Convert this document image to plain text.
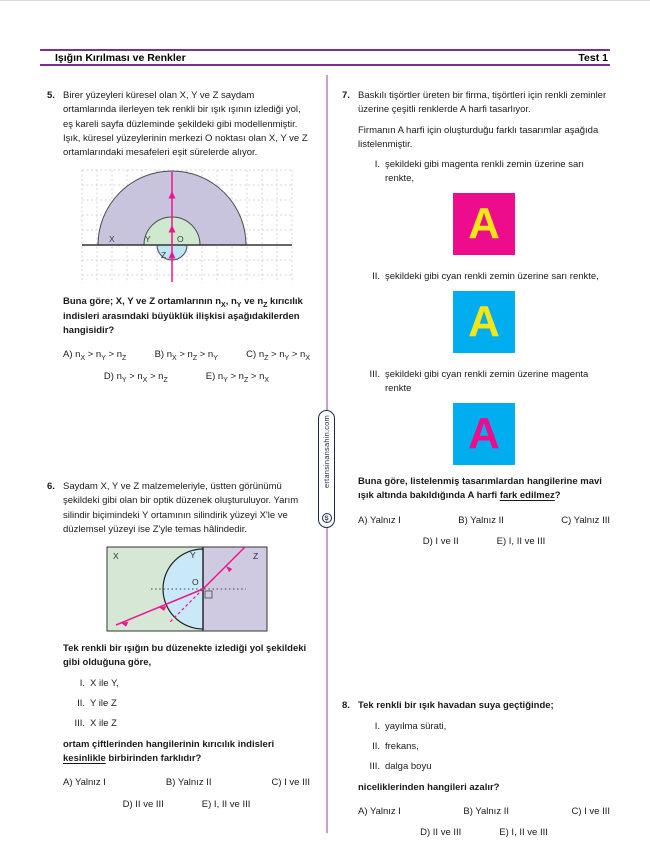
Işığın Kırılması ve Renkler	Test 1
ertansinansahin.com
Ş
5. Birer yüzeyleri küresel olan X, Y ve Z saydam ortamlarında ilerleyen tek renkli bir ışık ışının izlediği yol, eş kareli sayfa düzleminde şekildeki gibi modellenmiştir. Işık, küresel yüzeylerinin merkezi O noktası olan X, Y ve Z ortamlarındaki mesafeleri eşit sürelerde alıyor.

X	Y	O
Z

Buna göre; X, Y ve Z ortamlarının $n_X$, $n_Y$ ve $n_Z$ kırıcılık indisleri arasındaki büyüklük ilişkisi aşağıdakilerden hangisidir?

A) $n_X > n_Y > n_Z$	B) $n_X > n_Z > n_Y$	C) $n_Z > n_Y > n_X$
D) $n_Y > n_X > n_Z$	E) $n_Y > n_Z > n_X$
6. Saydam X, Y ve Z malzemeleriyle, üstten görünümü şekildeki gibi olan bir optik düzenek oluşturuluyor. Yarım silindir biçimindeki Y ortamının silindirik yüzeyi X'le ve düzlemsel yüzeyi ise Z'yle temas hâlindedir.

X	Y	Z
O

Tek renkli bir ışığın bu düzenekte izlediği yol şekildeki gibi olduğuna göre,

I. X ile Y,
II. Y ile Z
III. X ile Z

ortam çiftlerinden hangilerinin kırıcılık indisleri kesinlikle birbirinden farklıdır?

A) Yalnız I	B) Yalnız II	C) I ve III
D) II ve III	E) I, II ve III
7. Baskılı tişörtler üreten bir firma, tişörtleri için renkli zeminler üzerine çeşitli renklerde A harfi tasarlıyor.

Firmanın A harfi için oluşturduğu farklı tasarımlar aşağıda listelenmiştir.

I. şekildeki gibi magenta renkli zemin üzerine sarı renkte,
A
II. şekildeki gibi cyan renkli zemin üzerine sarı renkte,
A
III. şekildeki gibi cyan renkli zemin üzerine magenta renkte
A

Buna göre, listelenmiş tasarımlardan hangilerine mavi ışık altında bakıldığında A harfi fark edilmez?

A) Yalnız I	B) Yalnız II	C) Yalnız III
D) I ve II	E) I, II ve III
8. Tek renkli bir ışık havadan suya geçtiğinde;

I. yayılma sürati,
II. frekans,
III. dalga boyu

niceliklerinden hangileri azalır?

A) Yalnız I	B) Yalnız II	C) I ve III
D) II ve III	E) I, II ve III
